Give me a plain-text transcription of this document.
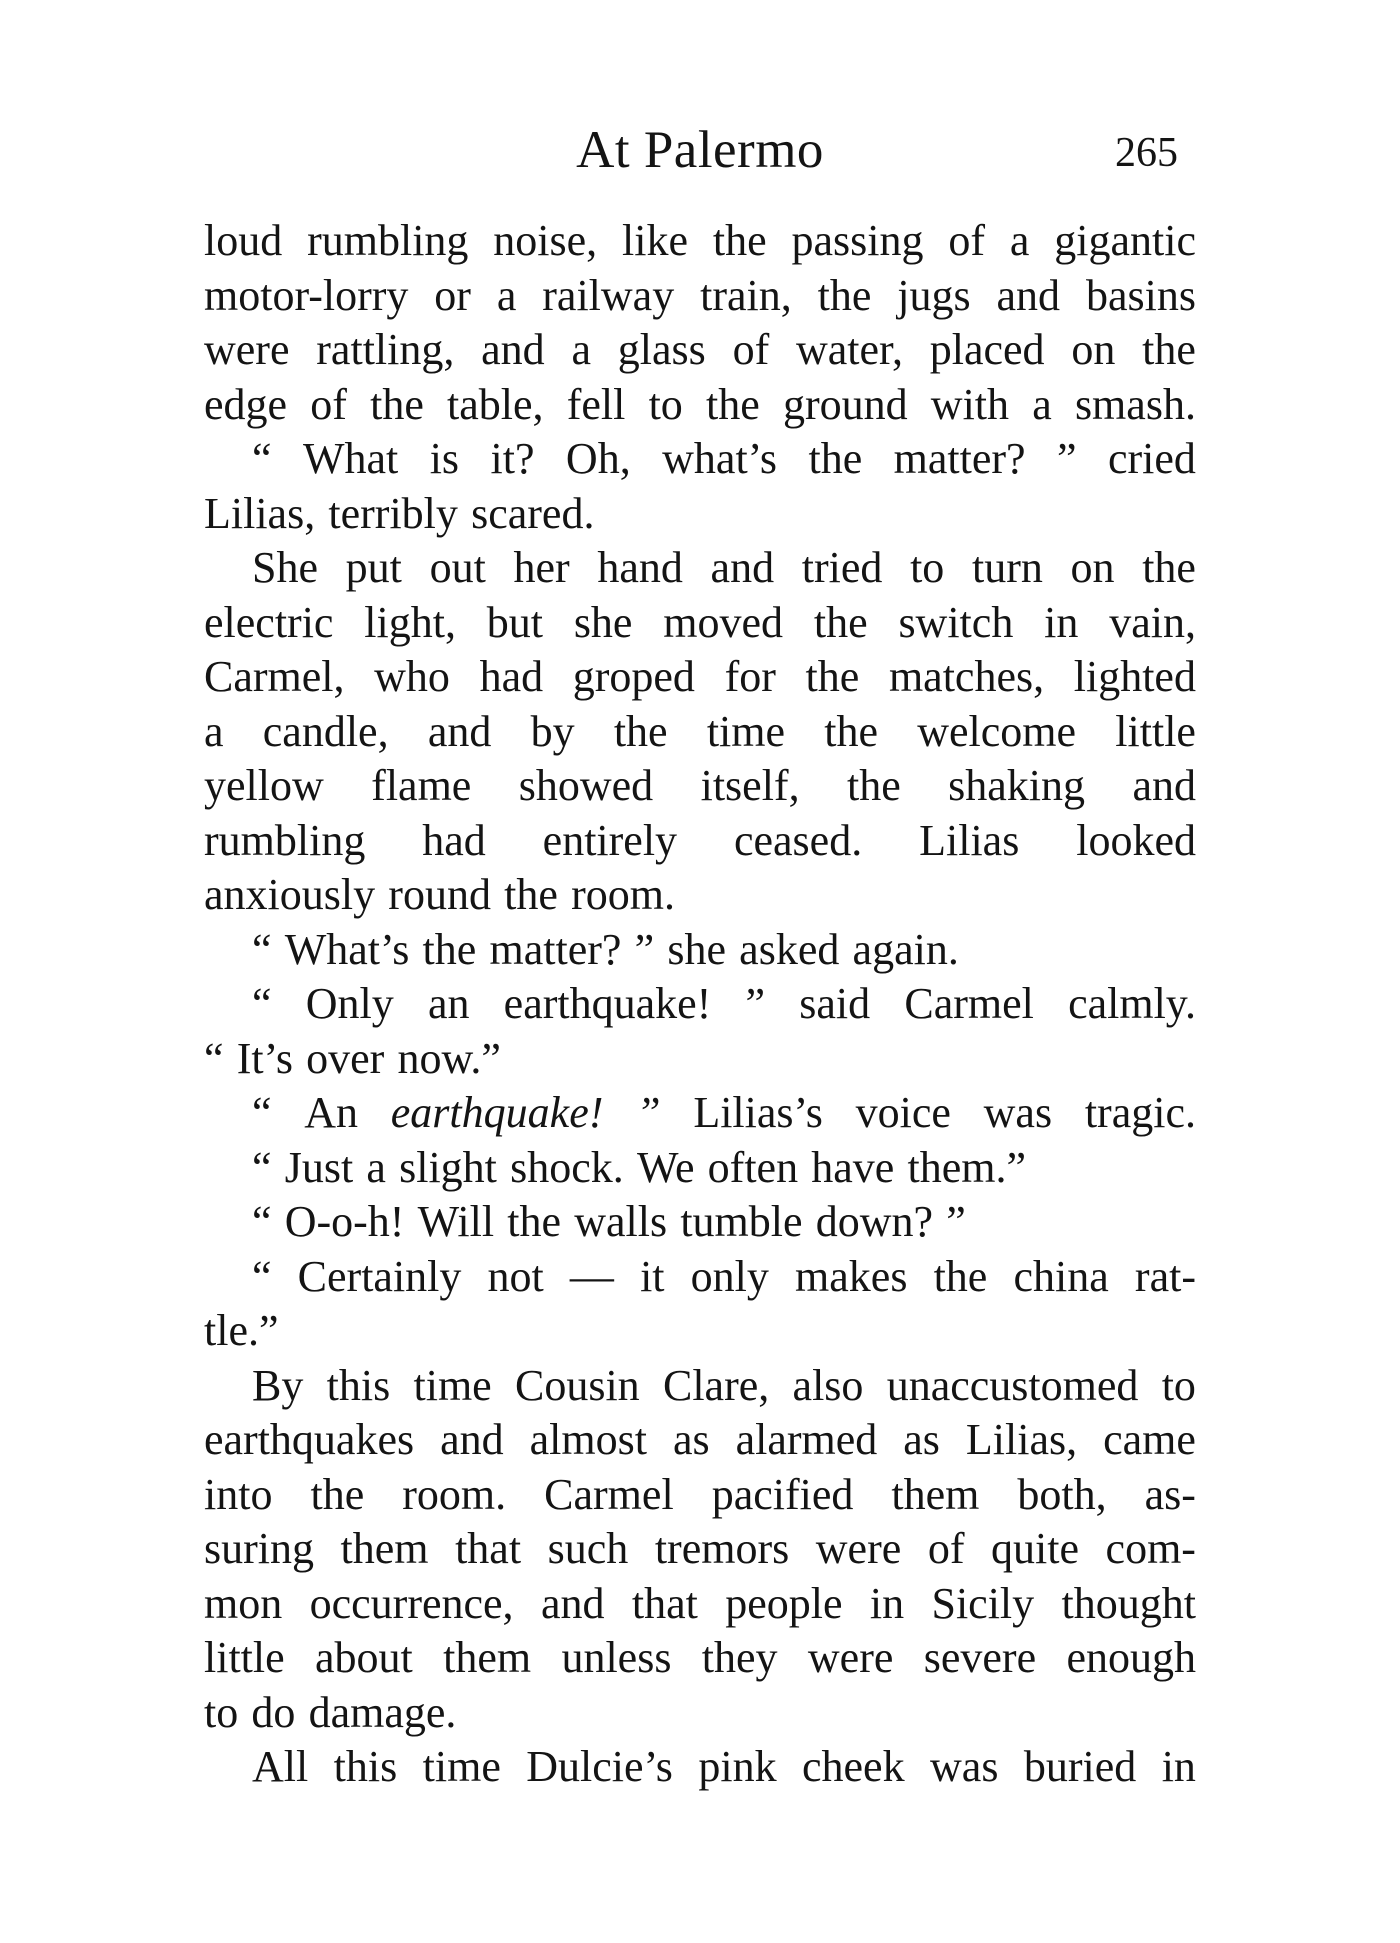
At Palermo	265
loud rumbling noise, like the passing of a gigantic
motor-lorry or a railway train, the jugs and basins
were rattling, and a glass of water, placed on the
edge of the table, fell to the ground with a smash.
“ What is it? Oh, what’s the matter? ” cried
Lilias, terribly scared.
She put out her hand and tried to turn on the
electric light, but she moved the switch in vain,
Carmel, who had groped for the matches, lighted
a candle, and by the time the welcome little
yellow flame showed itself, the shaking and
rumbling had entirely ceased. Lilias looked
anxiously round the room.
“ What’s the matter? ” she asked again.
“ Only an earthquake! ” said Carmel calmly.
“ It’s over now.”
“ An earthquake! ” Lilias’s voice was tragic.
“ Just a slight shock. We often have them.”
“ O-o-h! Will the walls tumble down? ”
“ Certainly not — it only makes the china rat-
tle.”
By this time Cousin Clare, also unaccustomed to
earthquakes and almost as alarmed as Lilias, came
into the room. Carmel pacified them both, as-
suring them that such tremors were of quite com-
mon occurrence, and that people in Sicily thought
little about them unless they were severe enough
to do damage.
All this time Dulcie’s pink cheek was buried in
